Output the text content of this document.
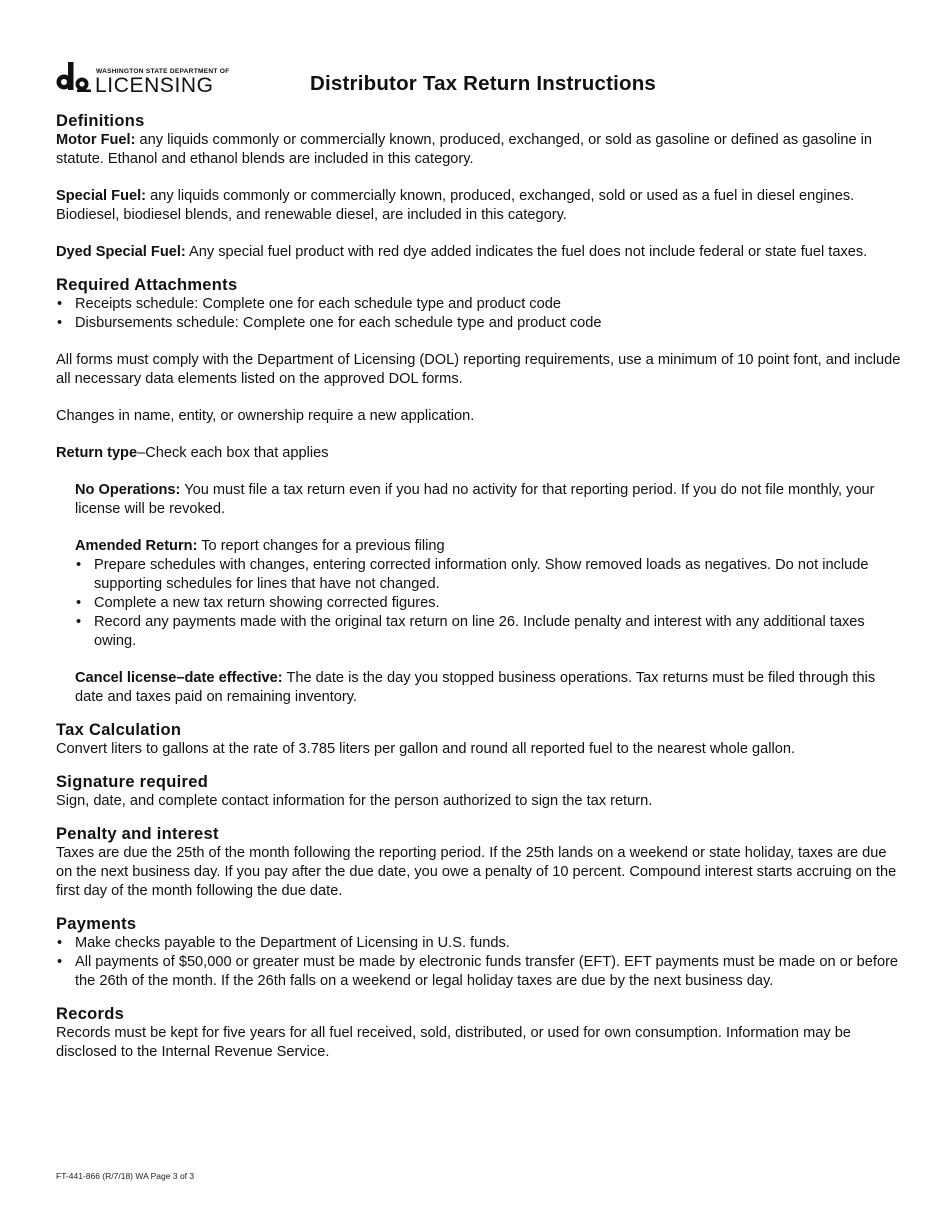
WASHINGTON STATE DEPARTMENT OF
LICENSING	Distributor Tax Return Instructions
Definitions

Motor Fuel: any liquids commonly or commercially known, produced, exchanged, or sold as gasoline or defined as gasoline in statute. Ethanol and ethanol blends are included in this category.

Special Fuel: any liquids commonly or commercially known, produced, exchanged, sold or used as a fuel in diesel engines. Biodiesel, biodiesel blends, and renewable diesel, are included in this category.

Dyed Special Fuel: Any special fuel product with red dye added indicates the fuel does not include federal or state fuel taxes.

Required Attachments
• Receipts schedule: Complete one for each schedule type and product code
• Disbursements schedule: Complete one for each schedule type and product code

All forms must comply with the Department of Licensing (DOL) reporting requirements, use a minimum of 10 point font, and include all necessary data elements listed on the approved DOL forms.

Changes in name, entity, or ownership require a new application.

Return type–Check each box that applies

No Operations: You must file a tax return even if you had no activity for that reporting period. If you do not file monthly, your license will be revoked.

Amended Return: To report changes for a previous filing

• Prepare schedules with changes, entering corrected information only. Show removed loads as negatives. Do not include supporting schedules for lines that have not changed.
• Complete a new tax return showing corrected figures.
• Record any payments made with the original tax return on line 26. Include penalty and interest with any additional taxes owing.

Cancel license–date effective: The date is the day you stopped business operations. Tax returns must be filed through this date and taxes paid on remaining inventory.

Tax Calculation

Convert liters to gallons at the rate of 3.785 liters per gallon and round all reported fuel to the nearest whole gallon.

Signature required

Sign, date, and complete contact information for the person authorized to sign the tax return.

Penalty and interest

Taxes are due the 25th of the month following the reporting period. If the 25th lands on a weekend or state holiday, taxes are due on the next business day. If you pay after the due date, you owe a penalty of 10 percent. Compound interest starts accruing on the first day of the month following the due date.

Payments
• Make checks payable to the Department of Licensing in U.S. funds.
• All payments of $50,000 or greater must be made by electronic funds transfer (EFT). EFT payments must be made on or before the 26th of the month. If the 26th falls on a weekend or legal holiday taxes are due by the next business day.
Records

Records must be kept for five years for all fuel received, sold, distributed, or used for own consumption. Information may be disclosed to the Internal Revenue Service.

FT-441-866 (R/7/18) WA Page 3 of 3
